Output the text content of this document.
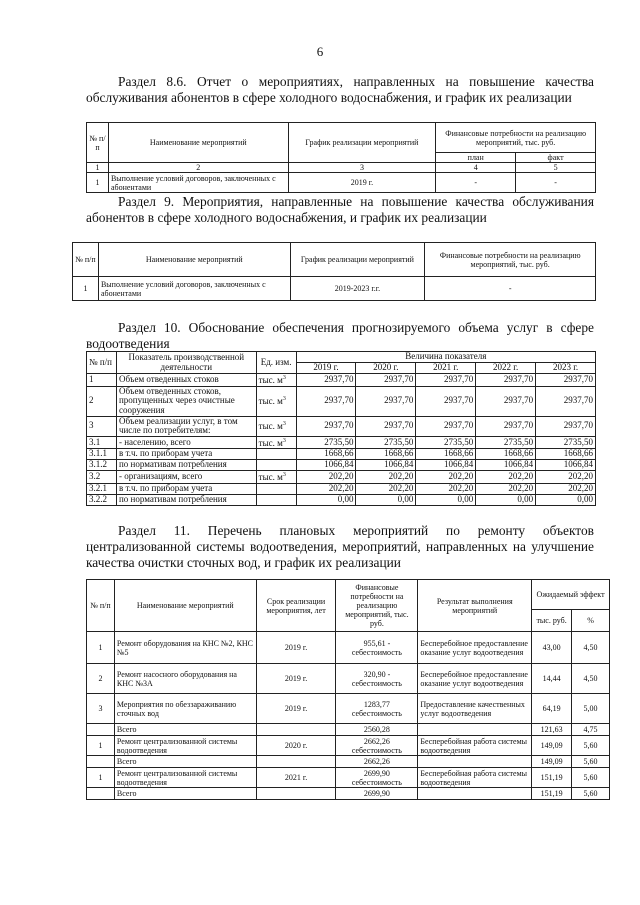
6
Раздел 8.6. Отчет о мероприятиях, направленных на повышение качества обслуживания абонентов в сфере холодного водоснабжения, и график их реализации
№ п/п	Наименование мероприятий	График реализации мероприятий	Финансовые потребности на реализацию мероприятий, тыс. руб.	
			план	факт
1	2	3	4	5
1	Выполнение условий договоров, заключенных с абонентами	2019 г.	-	-
Раздел 9. Мероприятия, направленные на повышение качества обслуживания абонентов в сфере холодного водоснабжения, и график их реализации
№ п/п	Наименование мероприятий	График реализации мероприятий	Финансовые потребности на реализацию мероприятий, тыс. руб.
1	Выполнение условий договоров, заключенных с абонентами	2019-2023 г.г.	-
Раздел 10. Обоснование обеспечения прогнозируемого объема услуг в сфере водоотведения
№ п/п	Показатель производственной деятельности	Ед. изм.	Величина показателя				
			2019 г.	2020 г.	2021 г.	2022 г.	2023 г.
1	Объем отведенных стоков	тыс. $м^3$	2937,70	2937,70	2937,70	2937,70	2937,70
2	Объем отведенных стоков, пропущенных через очистные сооружения	тыс. $м^3$	2937,70	2937,70	2937,70	2937,70	2937,70
3	Объем реализации услуг, в том числе по потребителям:	тыс. $м^3$	2937,70	2937,70	2937,70	2937,70	2937,70
3.1	- населению, всего	тыс. $м^3$	2735,50	2735,50	2735,50	2735,50	2735,50
3.1.1	в т.ч. по приборам учета		1668,66	1668,66	1668,66	1668,66	1668,66
3.1.2	по нормативам потребления		1066,84	1066,84	1066,84	1066,84	1066,84
3.2	- организациям, всего	тыс. $м^3$	202,20	202,20	202,20	202,20	202,20
3.2.1	в т.ч. по приборам учета		202,20	202,20	202,20	202,20	202,20
3.2.2	по нормативам потребления		0,00	0,00	0,00	0,00	0,00
Раздел 11. Перечень плановых мероприятий по ремонту объектов централизованной системы водоотведения, мероприятий, направленных на улучшение качества очистки сточных вод, и график их реализации
№ п/п	Наименование мероприятий	Срок реализации мероприятия, лет	Финансовые потребности на реализацию мероприятий, тыс. руб.	Результат выполнения мероприятий	Ожидаемый эффект	
					тыс. руб.	%
1	Ремонт оборудования на КНС №2, КНС №5	2019 г.	955,61 - себестоимость	Бесперебойное предоставление оказание услуг водоотведения	43,00	4,50
2	Ремонт насосного оборудования на КНС №3А	2019 г.	320,90 - себестоимость	Бесперебойное предоставление оказание услуг водоотведения	14,44	4,50
3	Мероприятия по обеззараживанию сточных вод	2019 г.	1283,77 себестоимость	Предоставление качественных услуг водоотведения	64,19	5,00
	Всего		2560,28		121,63	4,75
1	Ремонт централизованной системы водоотведения	2020 г.	2662,26 себестоимость	Бесперебойная работа системы водоотведения	149,09	5,60
	Всего		2662,26		149,09	5,60
1	Ремонт централизованной системы водоотведения	2021 г.	2699,90 себестоимость	Бесперебойная работа системы водоотведения	151,19	5,60
	Всего		2699,90		151,19	5,60
